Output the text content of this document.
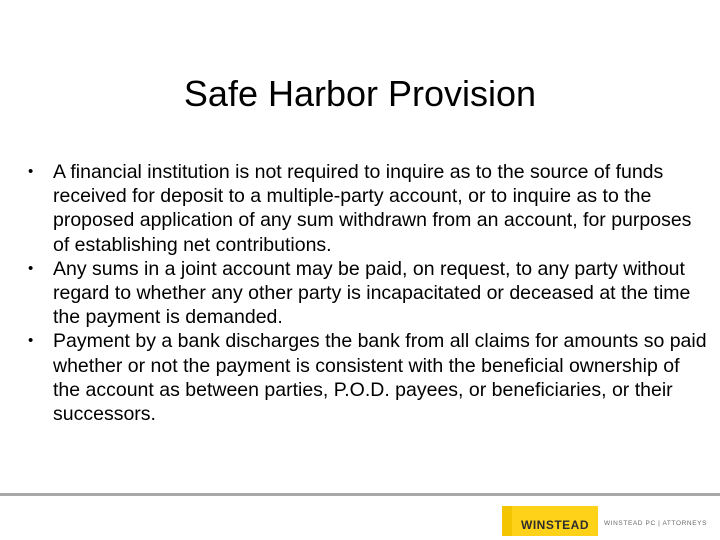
Safe Harbor Provision
• A financial institution is not required to inquire as to the source of funds received for deposit to a multiple-party account, or to inquire as to the proposed application of any sum withdrawn from an account, for purposes of establishing net contributions.
• Any sums in a joint account may be paid, on request, to any party without regard to whether any other party is incapacitated or deceased at the time the payment is demanded.
• Payment by a bank discharges the bank from all claims for amounts so paid whether or not the payment is consistent with the beneficial ownership of the account as between parties, P.O.D. payees, or beneficiaries, or their successors.
WINSTEAD WINSTEAD PC | ATTORNEYS
